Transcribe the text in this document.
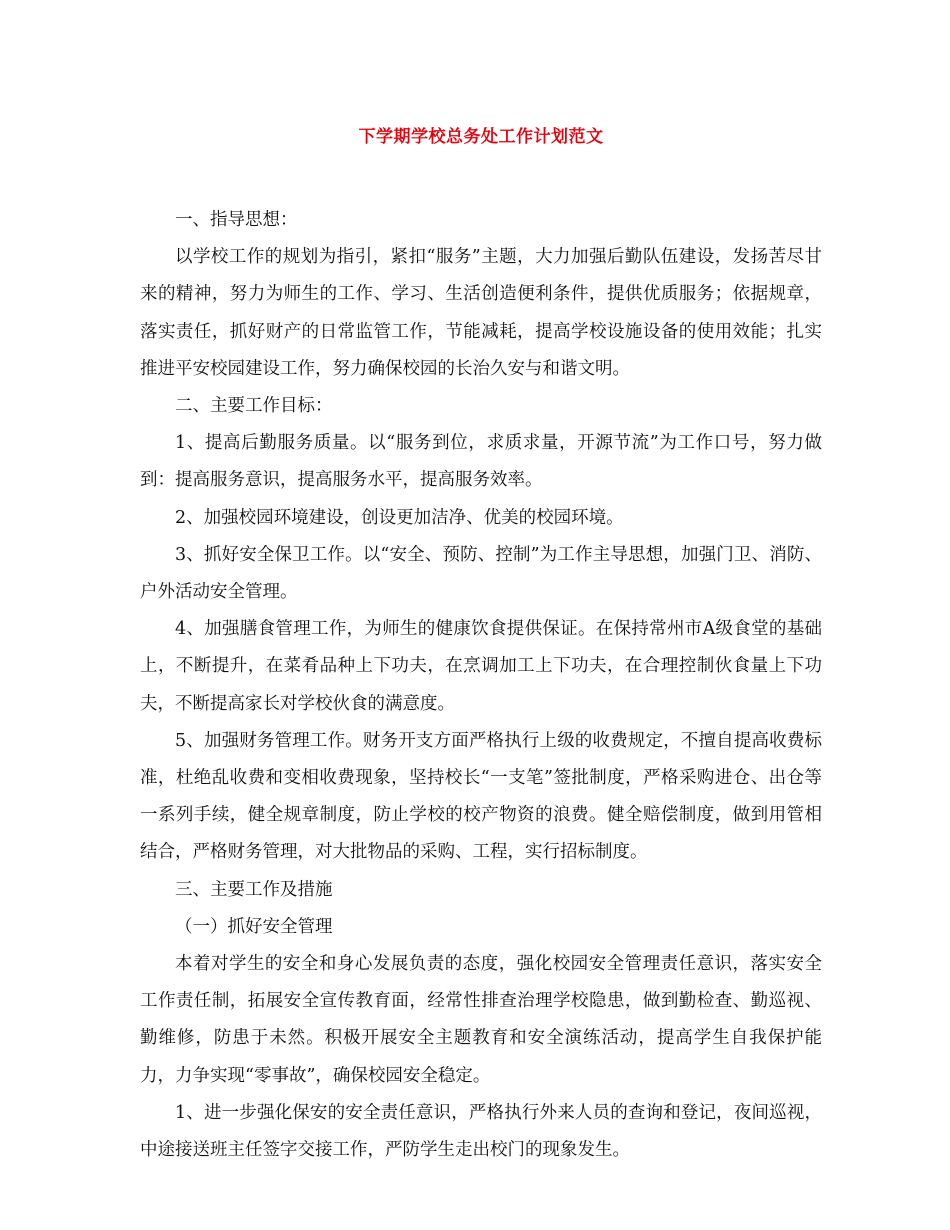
下学期学校总务处工作计划范文

一、指导思想：

以学校工作的规划为指引，紧扣“服务”主题，大力加强后勤队伍建设，发扬苦尽甘来的精神，努力为师生的工作、学习、生活创造便利条件，提供优质服务；依据规章，落实责任，抓好财产的日常监管工作，节能减耗，提高学校设施设备的使用效能；扎实推进平安校园建设工作，努力确保校园的长治久安与和谐文明。

二、主要工作目标：

1、提高后勤服务质量。以“服务到位，求质求量，开源节流”为工作口号，努力做到：提高服务意识，提高服务水平，提高服务效率。

2、加强校园环境建设，创设更加洁净、优美的校园环境。

3、抓好安全保卫工作。以“安全、预防、控制”为工作主导思想，加强门卫、消防、户外活动安全管理。

4、加强膳食管理工作，为师生的健康饮食提供保证。在保持常州市A级食堂的基础上，不断提升，在菜肴品种上下功夫，在烹调加工上下功夫，在合理控制伙食量上下功夫，不断提高家长对学校伙食的满意度。

5、加强财务管理工作。财务开支方面严格执行上级的收费规定，不擅自提高收费标准，杜绝乱收费和变相收费现象，坚持校长“一支笔”签批制度，严格采购进仓、出仓等一系列手续，健全规章制度，防止学校的校产物资的浪费。健全赔偿制度，做到用管相结合，严格财务管理，对大批物品的采购、工程，实行招标制度。

三、主要工作及措施

（一）抓好安全管理

本着对学生的安全和身心发展负责的态度，强化校园安全管理责任意识，落实安全工作责任制，拓展安全宣传教育面，经常性排查治理学校隐患，做到勤检查、勤巡视、勤维修，防患于未然。积极开展安全主题教育和安全演练活动，提高学生自我保护能力，力争实现“零事故”，确保校园安全稳定。

1、进一步强化保安的安全责任意识，严格执行外来人员的查询和登记，夜间巡视，中途接送班主任签字交接工作，严防学生走出校门的现象发生。
